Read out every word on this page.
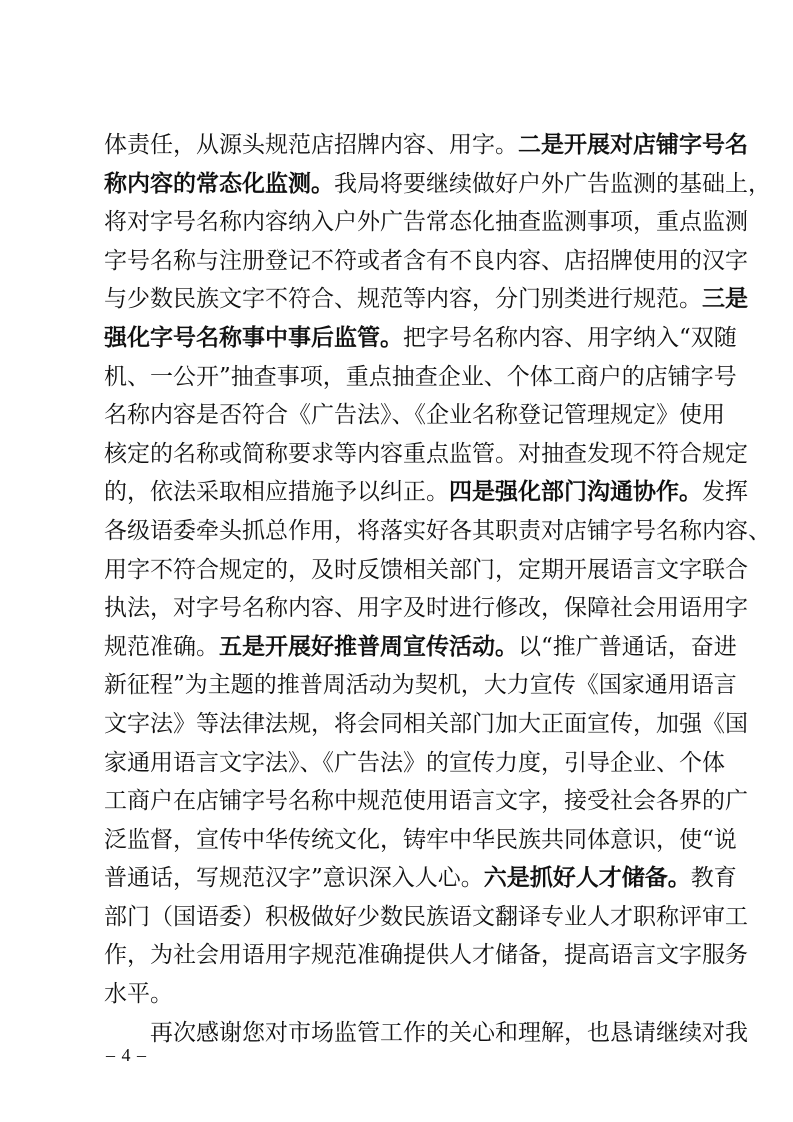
体责任，从源头规范店招牌内容、用字。二是开展对店铺字号名
称内容的常态化监测。我局将要继续做好户外广告监测的基础上，
将对字号名称内容纳入户外广告常态化抽查监测事项，重点监测
字号名称与注册登记不符或者含有不良内容、店招牌使用的汉字
与少数民族文字不符合、规范等内容，分门别类进行规范。三是
强化字号名称事中事后监管。把字号名称内容、用字纳入“双随
机、一公开”抽查事项，重点抽查企业、个体工商户的店铺字号
名称内容是否符合《广告法》、《企业名称登记管理规定》使用
核定的名称或简称要求等内容重点监管。对抽查发现不符合规定
的，依法采取相应措施予以纠正。四是强化部门沟通协作。发挥
各级语委牵头抓总作用，将落实好各其职责对店铺字号名称内容、
用字不符合规定的，及时反馈相关部门，定期开展语言文字联合
执法，对字号名称内容、用字及时进行修改，保障社会用语用字
规范准确。五是开展好推普周宣传活动。以“推广普通话，奋进
新征程”为主题的推普周活动为契机，大力宣传《国家通用语言
文字法》等法律法规，将会同相关部门加大正面宣传，加强《国
家通用语言文字法》、《广告法》的宣传力度，引导企业、个体
工商户在店铺字号名称中规范使用语言文字，接受社会各界的广
泛监督，宣传中华传统文化，铸牢中华民族共同体意识，使“说
普通话，写规范汉字”意识深入人心。六是抓好人才储备。教育
部门（国语委）积极做好少数民族语文翻译专业人才职称评审工
作，为社会用语用字规范准确提供人才储备，提高语言文字服务
水平。
再次感谢您对市场监管工作的关心和理解，也恳请继续对我
– 4 –
